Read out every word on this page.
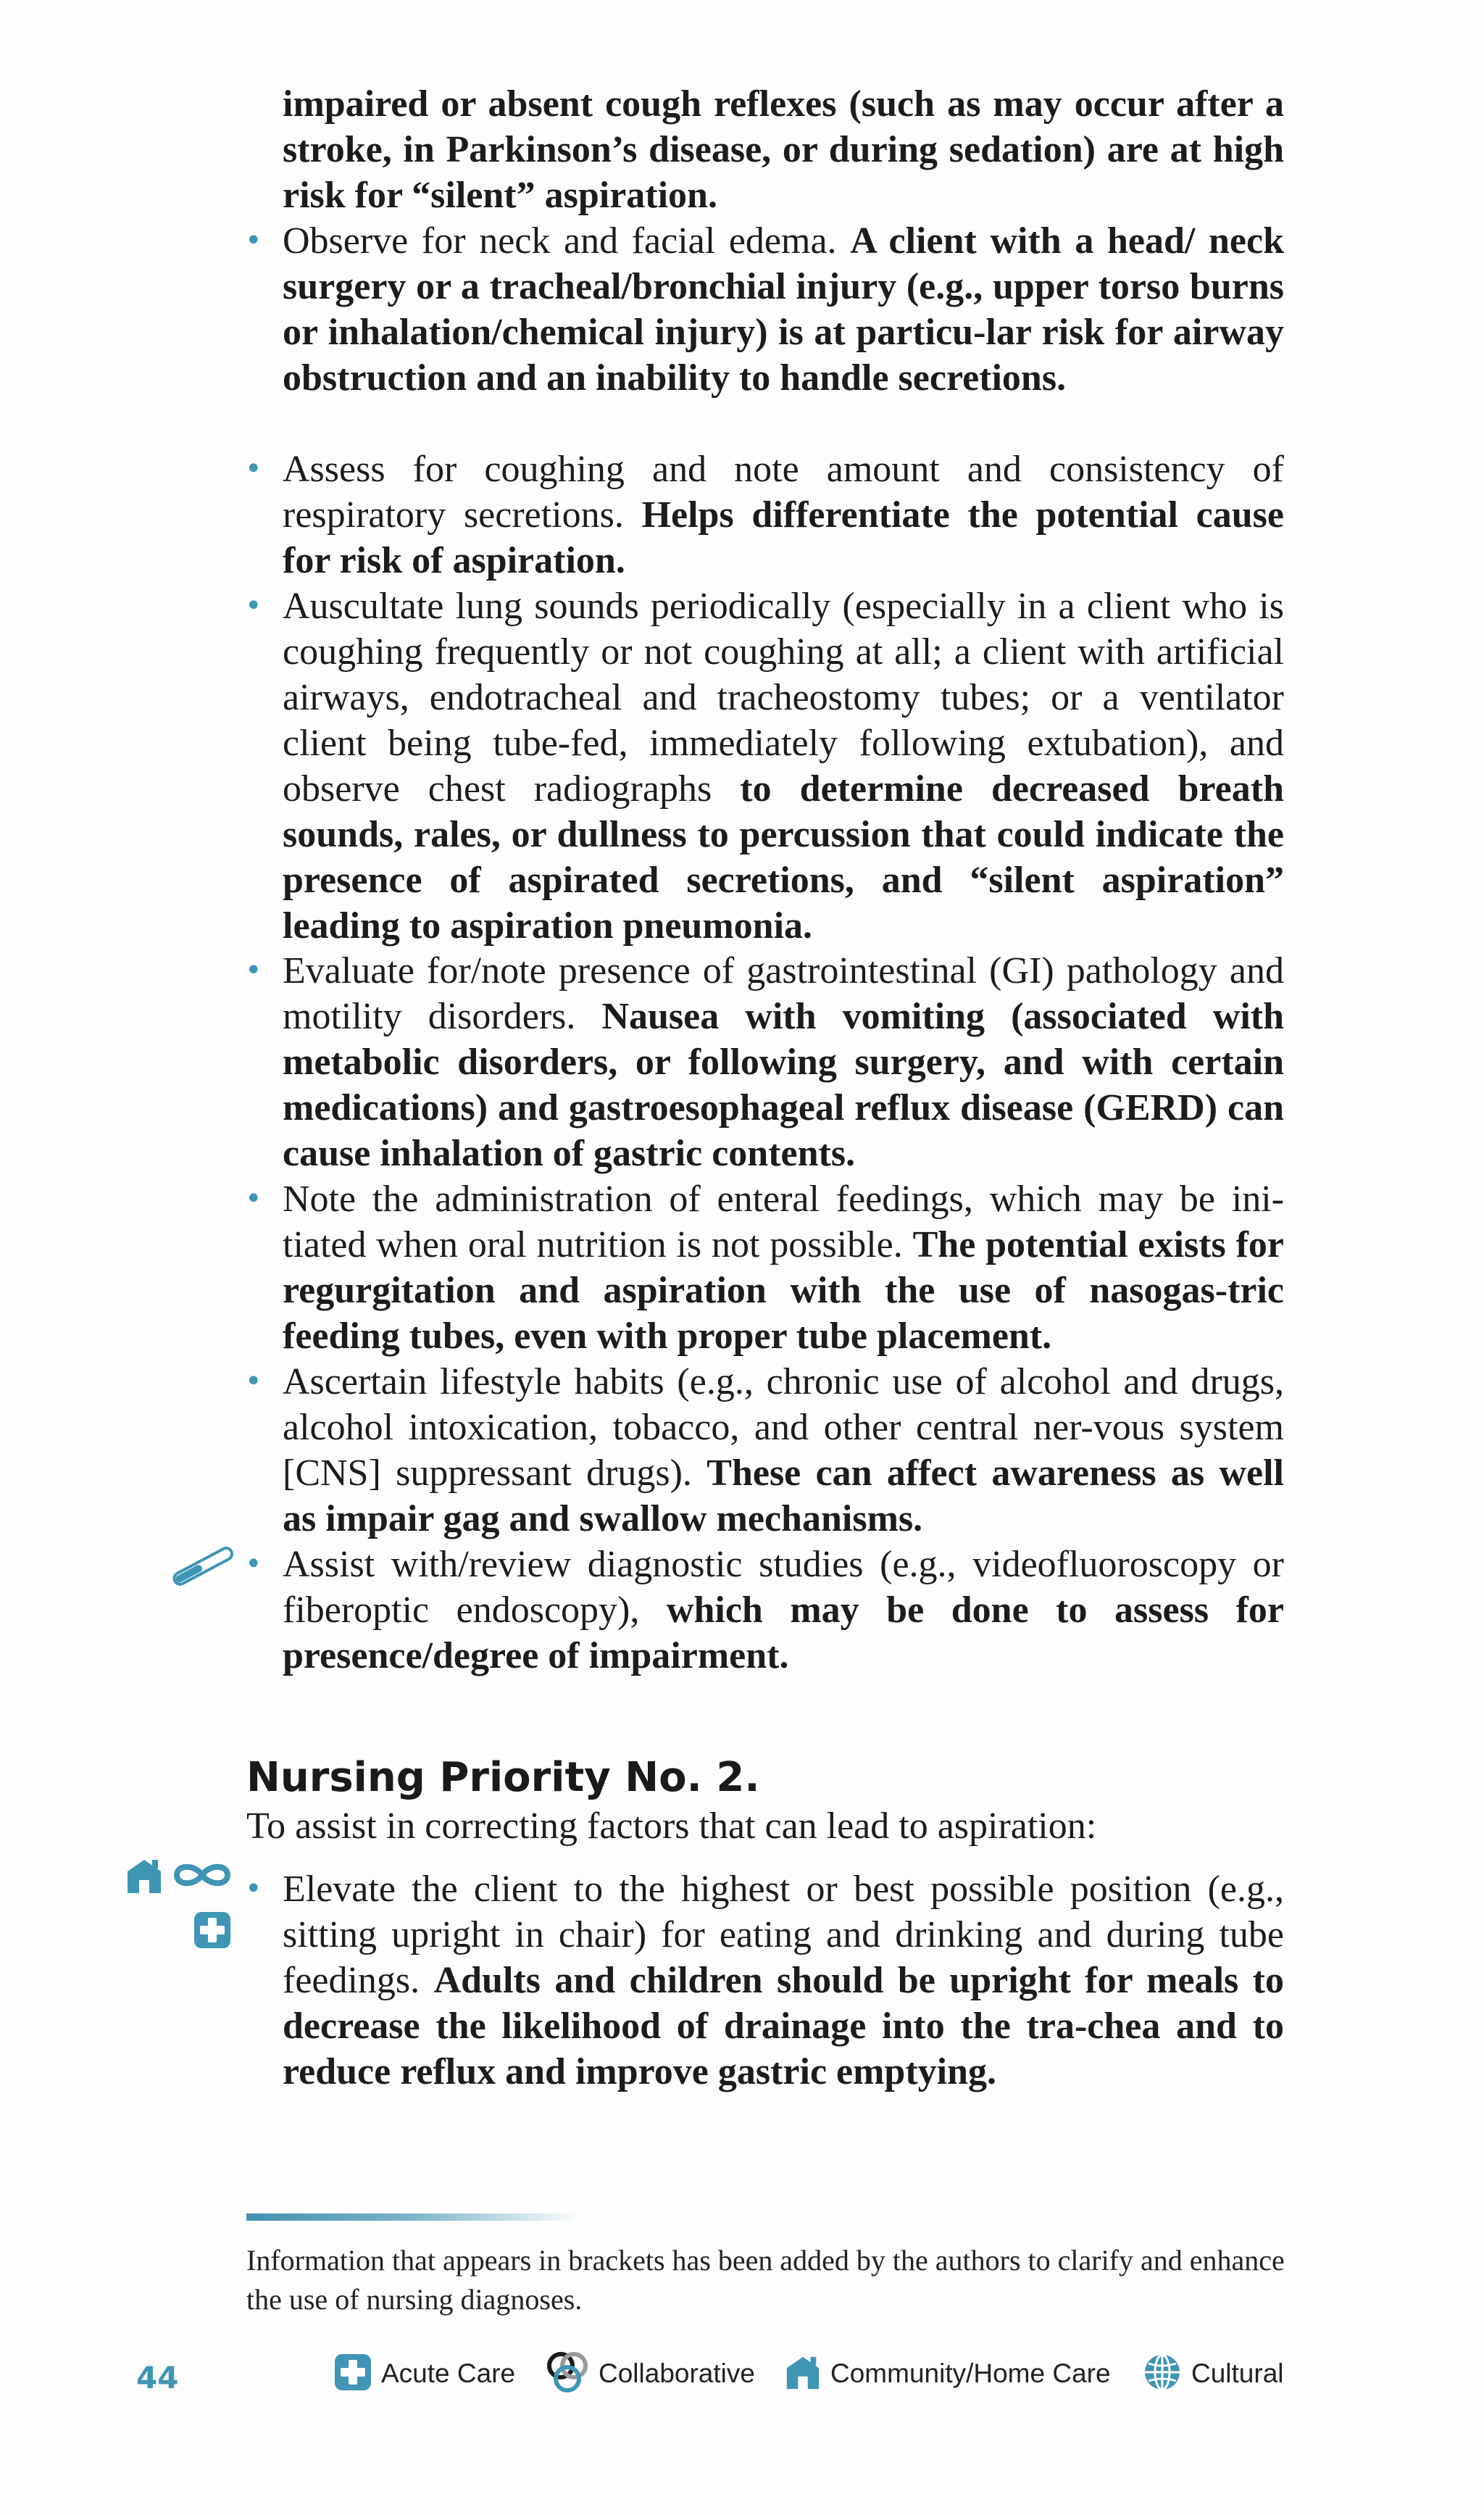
impaired or absent cough reflexes (such as may occur after a stroke, in Parkinson’s disease, or during sedation) are at high risk for “silent” aspiration.

• Observe for neck and facial edema. A client with a head/ neck surgery or a tracheal/bronchial injury (e.g., upper torso burns or inhalation/chemical injury) is at particu-lar risk for airway obstruction and an inability to handle secretions.

• Assess for coughing and note amount and consistency of respiratory secretions. Helps differentiate the potential cause for risk of aspiration.

• Auscultate lung sounds periodically (especially in a client who is coughing frequently or not coughing at all; a client with artificial airways, endotracheal and tracheostomy tubes; or a ventilator client being tube-fed, immediately following extubation), and observe chest radiographs to determine decreased breath sounds, rales, or dullness to percussion that could indicate the presence of aspirated secretions, and “silent aspiration” leading to aspiration pneumonia.

• Evaluate for/note presence of gastrointestinal (GI) pathology and motility disorders. Nausea with vomiting (associated with metabolic disorders, or following surgery, and with certain medications) and gastroesophageal reflux disease (GERD) can cause inhalation of gastric contents.

• Note the administration of enteral feedings, which may be ini-tiated when oral nutrition is not possible. The potential exists for regurgitation and aspiration with the use of nasogas-tric feeding tubes, even with proper tube placement.

• Ascertain lifestyle habits (e.g., chronic use of alcohol and drugs, alcohol intoxication, tobacco, and other central ner-vous system [CNS] suppressant drugs). These can affect awareness as well as impair gag and swallow mechanisms.

• Assist with/review diagnostic studies (e.g., videofluoroscopy or fiberoptic endoscopy), which may be done to assess for presence/degree of impairment.

Nursing Priority No. 2.

To assist in correcting factors that can lead to aspiration:

• Elevate the client to the highest or best possible position (e.g., sitting upright in chair) for eating and drinking and during tube feedings. Adults and children should be upright for meals to decrease the likelihood of drainage into the tra-chea and to reduce reflux and improve gastric emptying.

Information that appears in brackets has been added by the authors to clarify and enhance the use of nursing diagnoses.

44	Acute Care	Collaborative	Community/Home Care	Cultural
